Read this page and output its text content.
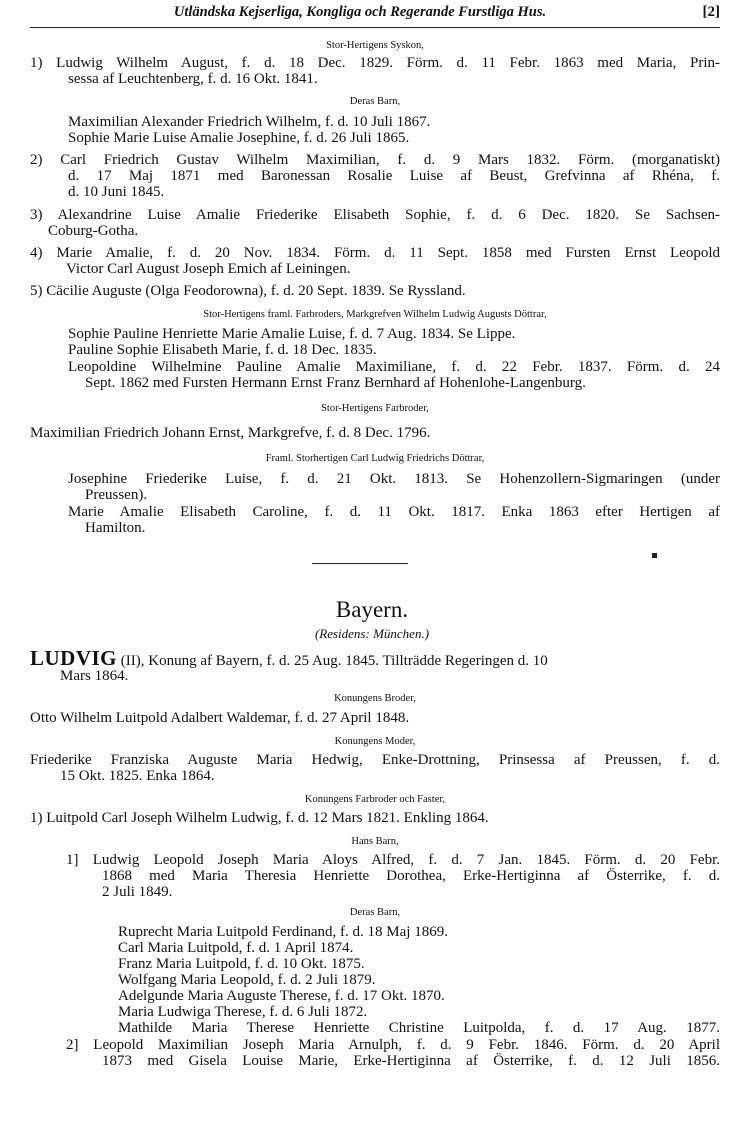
Utländska Kejserliga, Kongliga och Regerande Furstliga Hus.	[2]
Stor-Hertigens Syskon,
1) Ludwig Wilhelm August, f. d. 18 Dec. 1829. Förm. d. 11 Febr. 1863 med Maria, Prin-
sessa af Leuchtenberg, f. d. 16 Okt. 1841.
Deras Barn,
Maximilian Alexander Friedrich Wilhelm, f. d. 10 Juli 1867.
Sophie Marie Luise Amalie Josephine, f. d. 26 Juli 1865.
2) Carl Friedrich Gustav Wilhelm Maximilian, f. d. 9 Mars 1832. Förm. (morganatiskt)
d. 17 Maj 1871 med Baronessan Rosalie Luise af Beust, Grefvinna af Rhéna, f.
d. 10 Juni 1845.
3) Alexandrine Luise Amalie Friederike Elisabeth Sophie, f. d. 6 Dec. 1820. Se Sachsen-
Coburg-Gotha.
4) Marie Amalie, f. d. 20 Nov. 1834. Förm. d. 11 Sept. 1858 med Fursten Ernst Leopold
Victor Carl August Joseph Emich af Leiningen.
5) Cäcilie Auguste (Olga Feodorowna), f. d. 20 Sept. 1839. Se Ryssland.
Stor-Hertigens framl. Farbroders, Markgrefven Wilhelm Ludwig Augusts Döttrar,
Sophie Pauline Henriette Marie Amalie Luise, f. d. 7 Aug. 1834. Se Lippe.
Pauline Sophie Elisabeth Marie, f. d. 18 Dec. 1835.
Leopoldine Wilhelmine Pauline Amalie Maximiliane, f. d. 22 Febr. 1837. Förm. d. 24
Sept. 1862 med Fursten Hermann Ernst Franz Bernhard af Hohenlohe-Langenburg.
Stor-Hertigens Farbroder,
Maximilian Friedrich Johann Ernst, Markgrefve, f. d. 8 Dec. 1796.
Framl. Storhertigen Carl Ludwig Friedrichs Döttrar,
Josephine Friederike Luise, f. d. 21 Okt. 1813. Se Hohenzollern-Sigmaringen (under
Preussen).
Marie Amalie Elisabeth Caroline, f. d. 11 Okt. 1817. Enka 1863 efter Hertigen af
Hamilton.
Bayern.
(Residens: München.)
LUDVIG (II), Konung af Bayern, f. d. 25 Aug. 1845. Tillträdde Regeringen d. 10
Mars 1864.
Konungens Broder,
Otto Wilhelm Luitpold Adalbert Waldemar, f. d. 27 April 1848.
Konungens Moder,
Friederike Franziska Auguste Maria Hedwig, Enke-Drottning, Prinsessa af Preussen, f. d.
15 Okt. 1825. Enka 1864.
Konungens Farbroder och Faster,
1) Luitpold Carl Joseph Wilhelm Ludwig, f. d. 12 Mars 1821. Enkling 1864.
Hans Barn,
1] Ludwig Leopold Joseph Maria Aloys Alfred, f. d. 7 Jan. 1845. Förm. d. 20 Febr.
1868 med Maria Theresia Henriette Dorothea, Erke-Hertiginna af Österrike, f. d.
2 Juli 1849.
Deras Barn,
Ruprecht Maria Luitpold Ferdinand, f. d. 18 Maj 1869.
Carl Maria Luitpold, f. d. 1 April 1874.
Franz Maria Luitpold, f. d. 10 Okt. 1875.
Wolfgang Maria Leopold, f. d. 2 Juli 1879.
Adelgunde Maria Auguste Therese, f. d. 17 Okt. 1870.
Maria Ludwiga Therese, f. d. 6 Juli 1872.
Mathilde Maria Therese Henriette Christine Luitpolda, f. d. 17 Aug. 1877.
2] Leopold Maximilian Joseph Maria Arnulph, f. d. 9 Febr. 1846. Förm. d. 20 April
1873 med Gisela Louise Marie, Erke-Hertiginna af Österrike, f. d. 12 Juli 1856.
